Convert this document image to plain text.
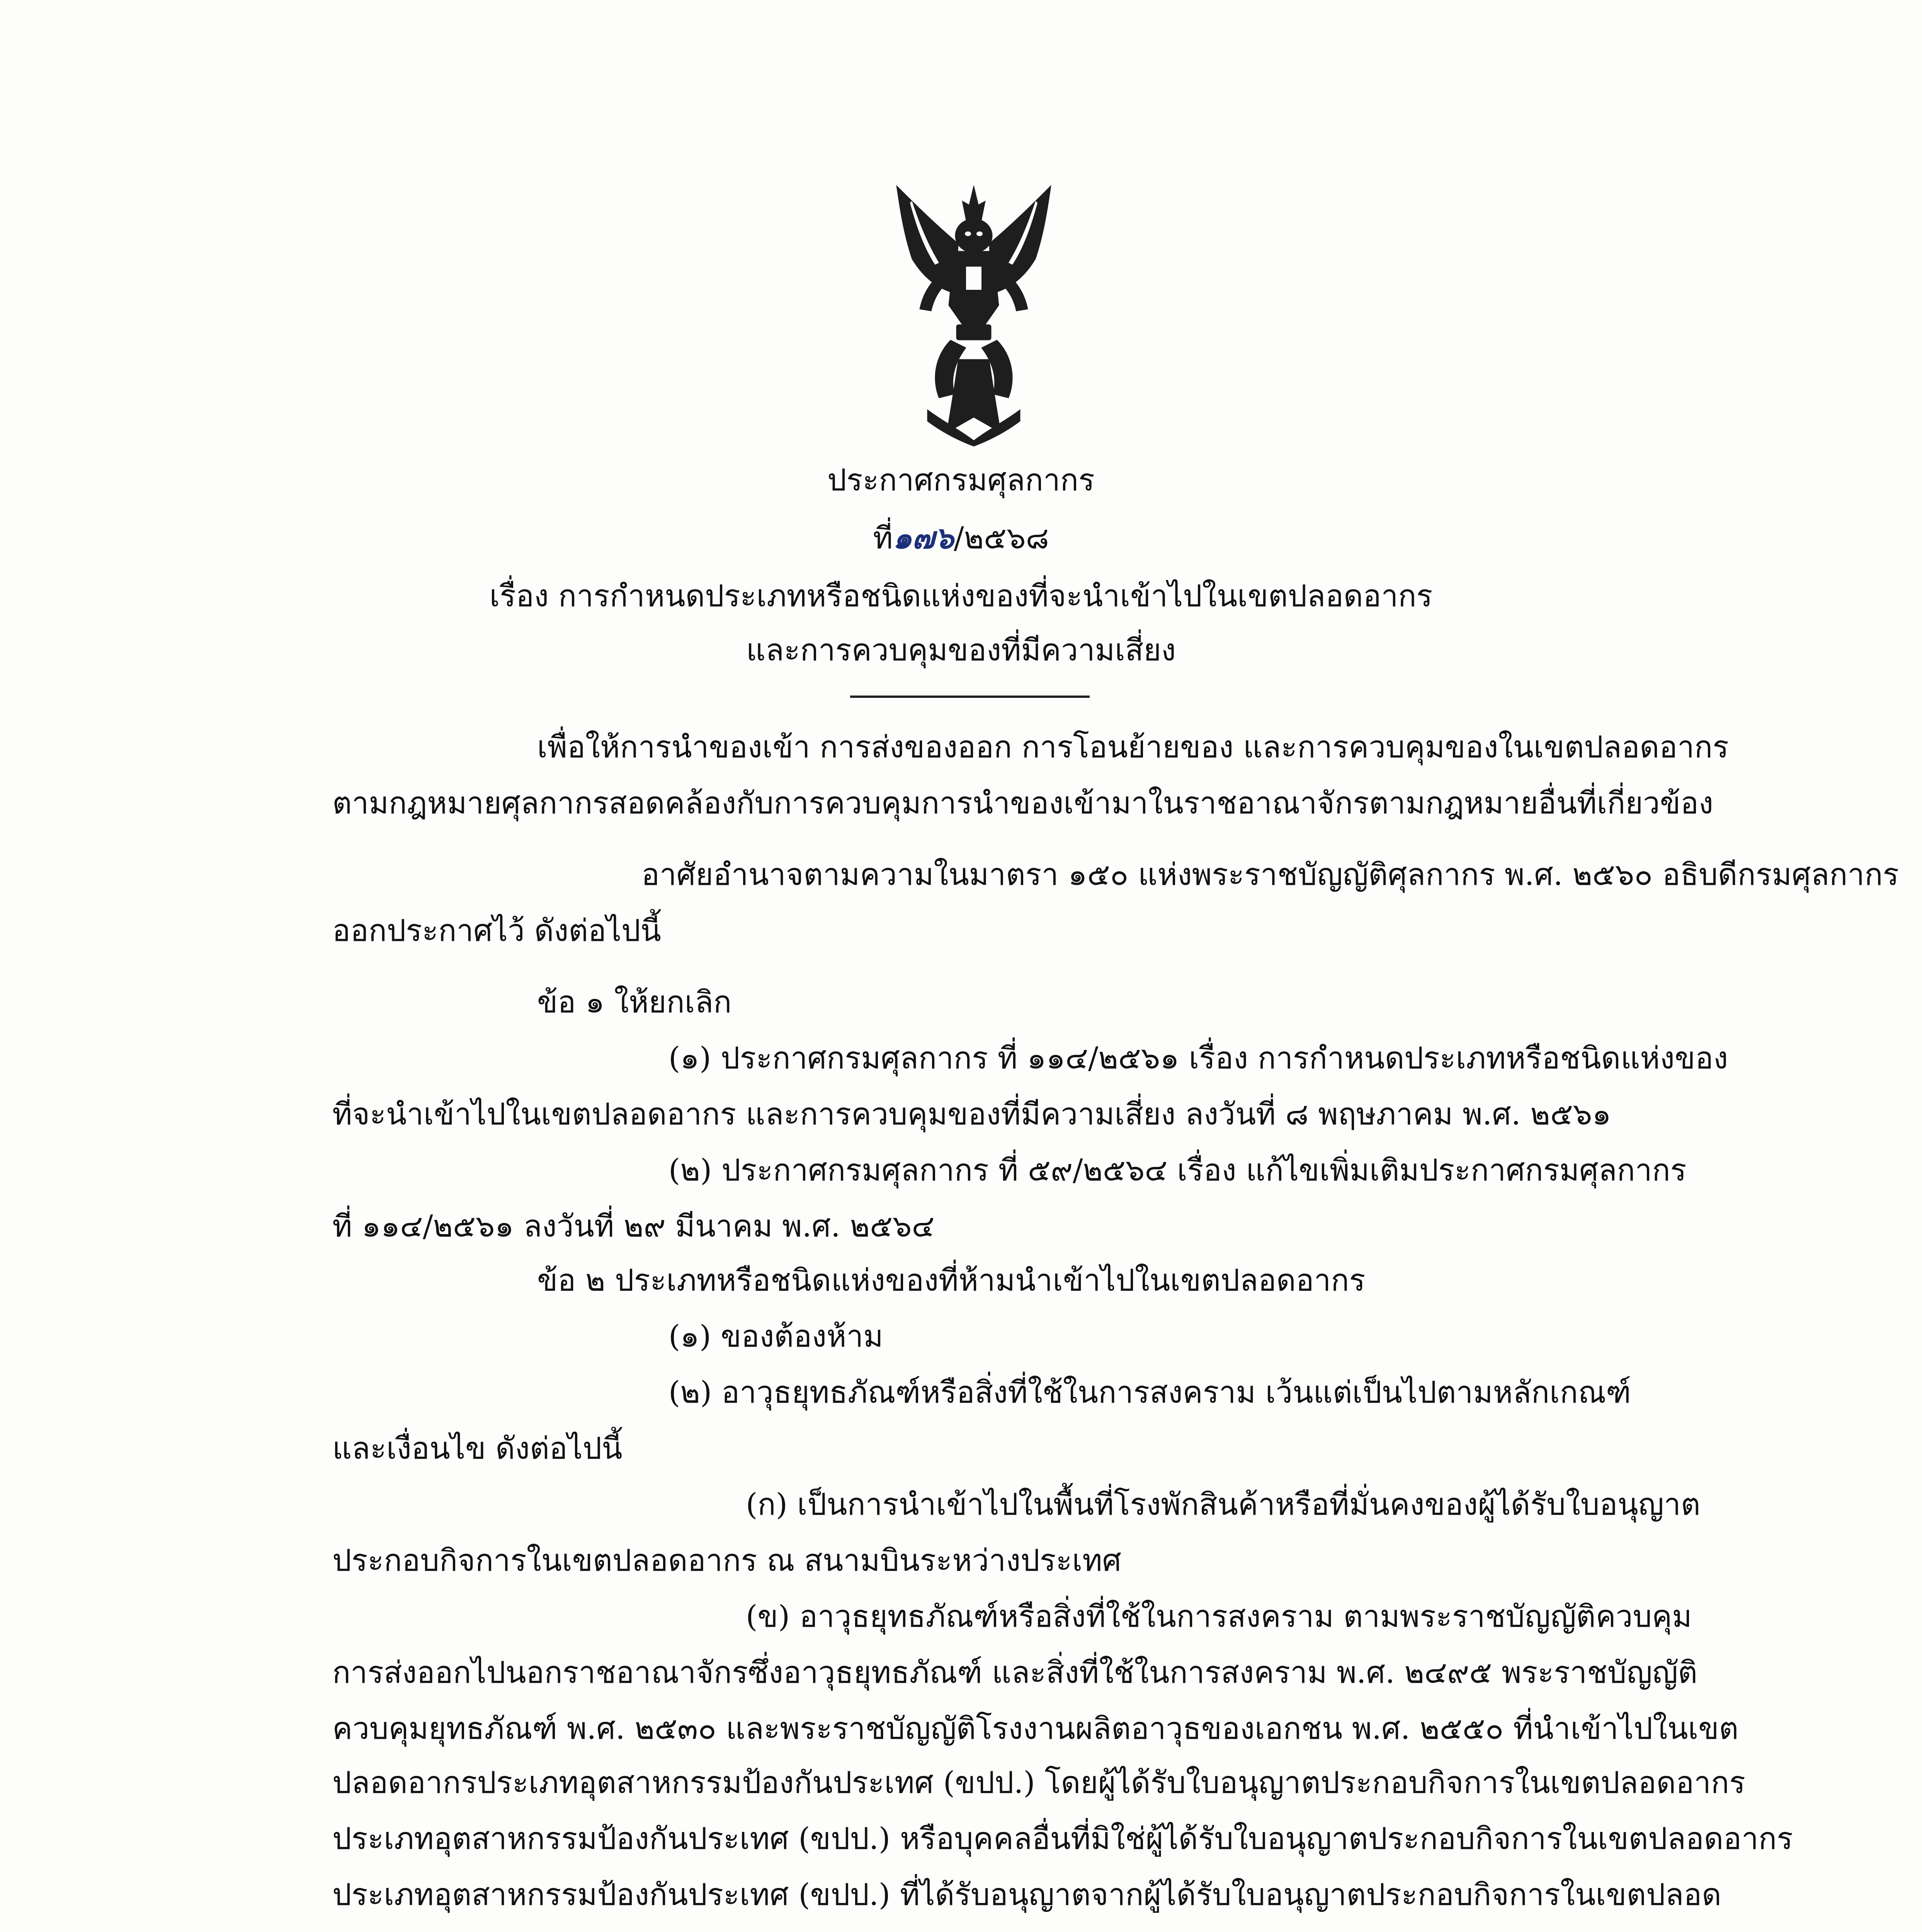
ประกาศกรมศุลกากร
ที่๑๗๖/๒๕๖๘
เรื่อง การกำหนดประเภทหรือชนิดแห่งของที่จะนำเข้าไปในเขตปลอดอากร
และการควบคุมของที่มีความเสี่ยง
เพื่อให้การนำของเข้า การส่งของออก การโอนย้ายของ และการควบคุมของในเขตปลอดอากร
ตามกฎหมายศุลกากรสอดคล้องกับการควบคุมการนำของเข้ามาในราชอาณาจักรตามกฎหมายอื่นที่เกี่ยวข้อง
อาศัยอำนาจตามความในมาตรา ๑๕๐ แห่งพระราชบัญญัติศุลกากร พ.ศ. ๒๕๖๐ อธิบดีกรมศุลกากร
ออกประกาศไว้ ดังต่อไปนี้
ข้อ ๑ ให้ยกเลิก
(๑) ประกาศกรมศุลกากร ที่ ๑๑๔/๒๕๖๑ เรื่อง การกำหนดประเภทหรือชนิดแห่งของ
ที่จะนำเข้าไปในเขตปลอดอากร และการควบคุมของที่มีความเสี่ยง ลงวันที่ ๘ พฤษภาคม พ.ศ. ๒๕๖๑
(๒) ประกาศกรมศุลกากร ที่ ๕๙/๒๕๖๔ เรื่อง แก้ไขเพิ่มเติมประกาศกรมศุลกากร
ที่ ๑๑๔/๒๕๖๑ ลงวันที่ ๒๙ มีนาคม พ.ศ. ๒๕๖๔
ข้อ ๒ ประเภทหรือชนิดแห่งของที่ห้ามนำเข้าไปในเขตปลอดอากร
(๑) ของต้องห้าม
(๒) อาวุธยุทธภัณฑ์หรือสิ่งที่ใช้ในการสงคราม เว้นแต่เป็นไปตามหลักเกณฑ์
และเงื่อนไข ดังต่อไปนี้
(ก) เป็นการนำเข้าไปในพื้นที่โรงพักสินค้าหรือที่มั่นคงของผู้ได้รับใบอนุญาต
ประกอบกิจการในเขตปลอดอากร ณ สนามบินระหว่างประเทศ
(ข) อาวุธยุทธภัณฑ์หรือสิ่งที่ใช้ในการสงคราม ตามพระราชบัญญัติควบคุม
การส่งออกไปนอกราชอาณาจักรซึ่งอาวุธยุทธภัณฑ์ และสิ่งที่ใช้ในการสงคราม พ.ศ. ๒๔๙๕ พระราชบัญญัติ
ควบคุมยุทธภัณฑ์ พ.ศ. ๒๕๓๐ และพระราชบัญญัติโรงงานผลิตอาวุธของเอกชน พ.ศ. ๒๕๕๐ ที่นำเข้าไปในเขต
ปลอดอากรประเภทอุตสาหกรรมป้องกันประเทศ (ขปป.) โดยผู้ได้รับใบอนุญาตประกอบกิจการในเขตปลอดอากร
ประเภทอุตสาหกรรมป้องกันประเทศ (ขปป.) หรือบุคคลอื่นที่มิใช่ผู้ได้รับใบอนุญาตประกอบกิจการในเขตปลอดอากร
ประเภทอุตสาหกรรมป้องกันประเทศ (ขปป.) ที่ได้รับอนุญาตจากผู้ได้รับใบอนุญาตประกอบกิจการในเขตปลอด
